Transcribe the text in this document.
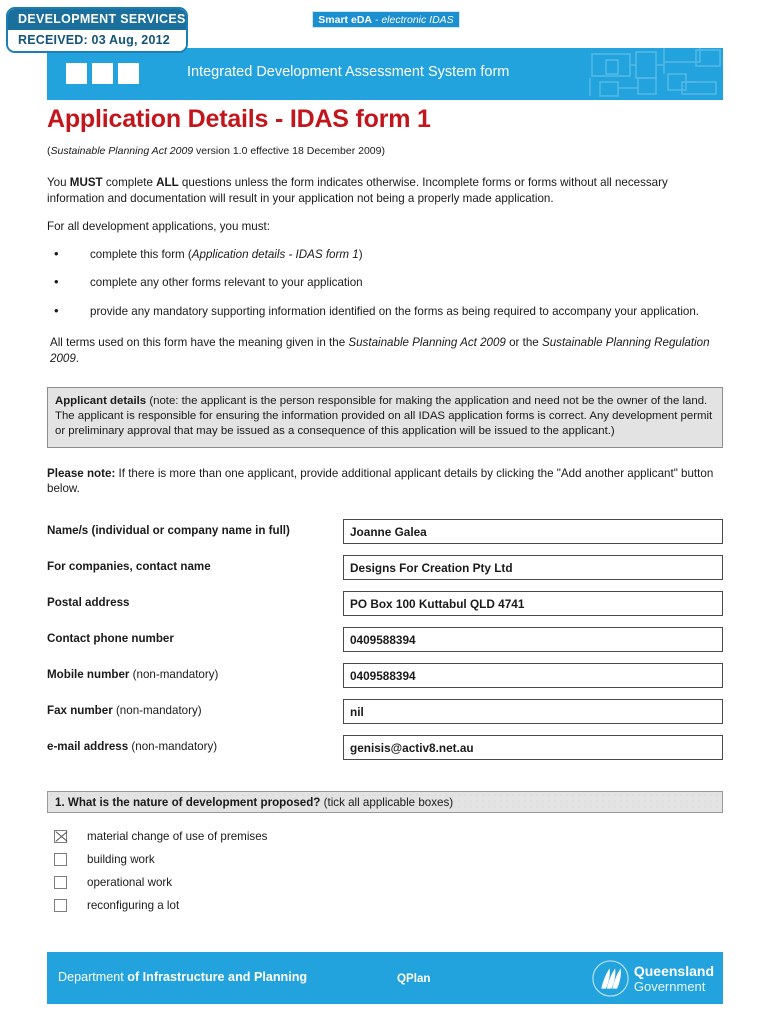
DEVELOPMENT SERVICES
RECEIVED: 03 Aug, 2012
Smart eDA - electronic IDAS
Integrated Development Assessment System form
Application Details - IDAS form 1

(Sustainable Planning Act 2009 version 1.0 effective 18 December 2009)

You MUST complete ALL questions unless the form indicates otherwise. Incomplete forms or forms without all necessary information and documentation will result in your application not being a properly made application.

For all development applications, you must:

• complete this form (Application details - IDAS form 1)
• complete any other forms relevant to your application
• provide any mandatory supporting information identified on the forms as being required to accompany your application.

All terms used on this form have the meaning given in the Sustainable Planning Act 2009 or the Sustainable Planning Regulation 2009.

Applicant details (note: the applicant is the person responsible for making the application and need not be the owner of the land. The applicant is responsible for ensuring the information provided on all IDAS application forms is correct. Any development permit or preliminary approval that may be issued as a consequence of this application will be issued to the applicant.)

Please note: If there is more than one applicant, provide additional applicant details by clicking the "Add another applicant" button below.

Name/s (individual or company name in full)	Joanne Galea
For companies, contact name	Designs For Creation Pty Ltd
Postal address	PO Box 100 Kuttabul QLD 4741
Contact phone number	0409588394
Mobile number (non-mandatory)	0409588394
Fax number (non-mandatory)	nil
e-mail address (non-mandatory)	genisis@activ8.net.au
1. What is the nature of development proposed? (tick all applicable boxes)
material change of use of premises
building work
operational work
reconfiguring a lot
Department of Infrastructure and Planning	QPlan	Queensland
Government
